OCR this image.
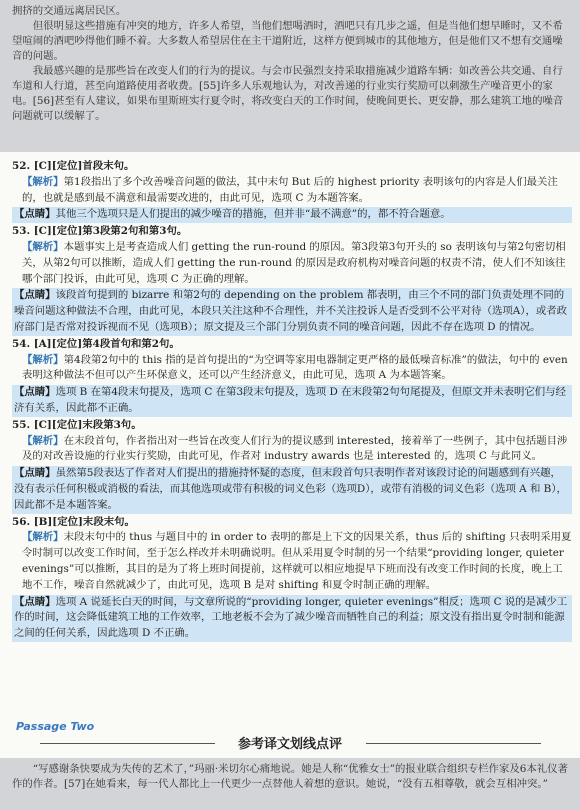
拥挤的交通远离居民区。

但很明显这些措施有冲突的地方，许多人希望，当他们想喝酒时，酒吧只有几步之遥，但是当他们想早睡时，又不希望喧闹的酒吧吵得他们睡不着。大多数人希望居住在主干道附近，这样方便到城市的其他地方，但是他们又不想有交通噪音的问题。

我最感兴趣的是那些旨在改变人们的行为的提议。与会市民强烈支持采取措施减少道路车辆：如改善公共交通、自行车道和人行道，甚至向道路使用者收费。[55]许多人乐观地认为，对改善递的行业实行奖励可以刺激生产噪音更小的家电。[56]甚至有人建议，如果布里斯班实行夏令时，将改变白天的工作时间，使晚间更长、更安静，那么建筑工地的噪音问题就可以缓解了。

52. [C][定位]首段末句。
【解析】第1段指出了多个改善噪音问题的做法，其中末句 But 后的 highest priority 表明该句的内容是人们最关注的，也就是感到最不满意和最需要改进的，由此可见，选项 C 为本题答案。
【点睛】其他三个选项只是人们提出的减少噪音的措施，但并非“最不满意”的，都不符合题意。
53. [C][定位]第3段第2句和第3句。
【解析】本题事实上是考查造成人们 getting the run-round 的原因。第3段第3句开头的 so 表明该句与第2句密切相关，从第2句可以推断，造成人们 getting the run-round 的原因是政府机构对噪音问题的权责不清，使人们不知该往哪个部门投诉，由此可见，选项 C 为正确的理解。
【点睛】该段首句提到的 bizarre 和第2句的 depending on the problem 都表明，由三个不同的部门负责处理不同的噪音问题这种做法不合理，由此可见，本段只关注这种不合理性，并不关注投诉人是否受到不公平对待（选项A），或者政府部门是否常对投诉视而不见（选项B）；原文提及三个部门分别负责不同的噪音问题，因此不存在选项 D 的情况。
54. [A][定位]第4段首句和第2句。
【解析】第4段第2句中的 this 指的是首句提出的“为空调等家用电器制定更严格的最低噪音标准”的做法，句中的 even 表明这种做法不但可以产生环保意义，还可以产生经济意义，由此可见，选项 A 为本题答案。
【点睛】选项 B 在第4段末句提及，选项 C 在第3段末句提及，选项 D 在末段第2句句尾提及，但原文并未表明它们与经济有关系，因此都不正确。
55. [C][定位]末段第3句。
【解析】在末段首句，作者指出对一些旨在改变人们行为的提议感到 interested，接着举了一些例子，其中包括题目涉及的对改善设施的行业实行奖励，由此可见，作者对 industry awards 也是 interested 的，选项 C 与此同义。
【点睛】虽然第5段表达了作者对人们提出的措施持怀疑的态度，但末段首句只表明作者对该段讨论的问题感到有兴趣，没有表示任何积极或消极的看法，而其他选项或带有积极的词义色彩（选项D），或带有消极的词义色彩（选项 A 和 B），因此都不是本题答案。
56. [B][定位]末段末句。
【解析】末段末句中的 thus 与题目中的 in order to 表明的都是上下文的因果关系，thus 后的 shifting 只表明采用夏令时制可以改变工作时间，至于怎么样改并未明确说明。但从采用夏令时制的另一个结果“providing longer, quieter evenings”可以推断，其目的是为了将上班时间提前，这样就可以相应地提早下班而没有改变工作时间的长度，晚上工地不工作，噪音自然就减少了，由此可见，选项 B 是对 shifting 和夏令时制正确的理解。
【点睛】选项 A 说延长白天的时间，与文章所说的“providing longer, quieter evenings”相反；选项 C 说的是减少工作的时间，这会降低建筑工地的工作效率，工地老板不会为了减少噪音而牺牲自己的利益；原文没有指出夏令时制和能源之间的任何关系，因此选项 D 不正确。
Passage Two
参考译文划线点评

“写感谢条快要成为失传的艺术了，”玛丽·米切尔心痛地说。她是人称“优雅女士”的报业联合组织专栏作家及6本礼仪著作的作者。[57]在她看来，每一代人都比上一代更少一点替他人着想的意识。她说，“没有五相尊敬，就会互相冲突。”
